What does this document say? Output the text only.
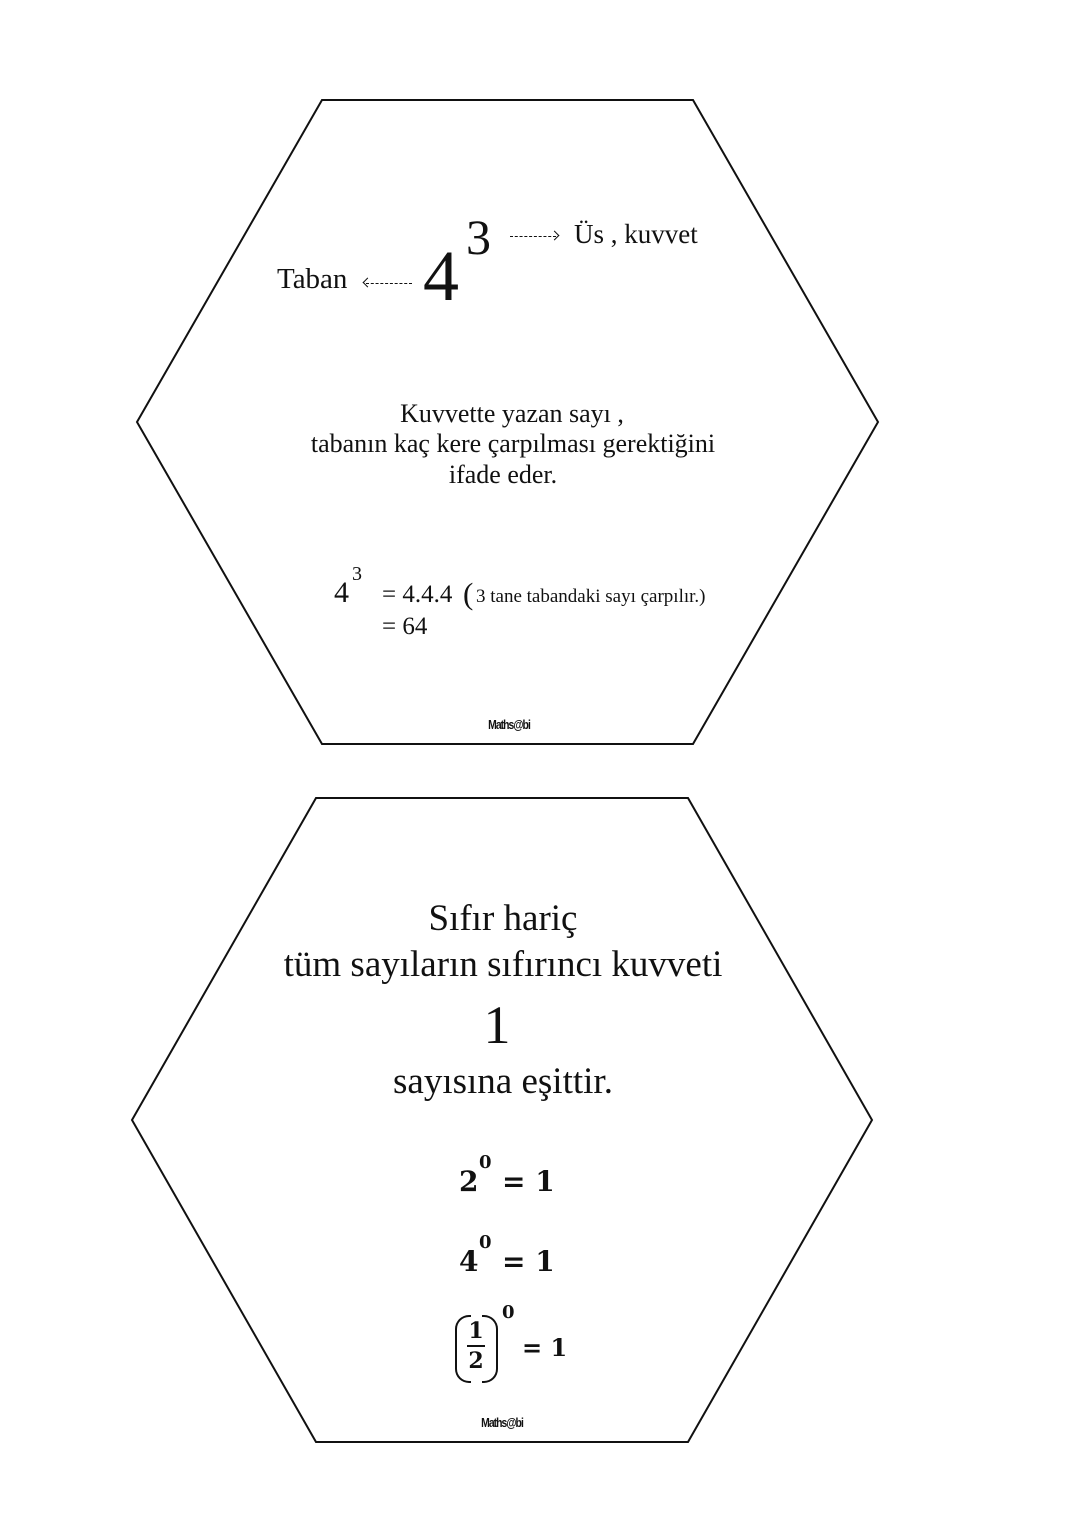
Taban 4 3	Üs , kuvvet
Kuvvette yazan sayı ,
tabanın kaç kere çarpılması gerektiğini
ifade eder.
4
3
= 4.4.4 ( 3 tane tabandaki sayı çarpılır.)
= 64
Maths@bi
Sıfır hariç
tüm sayıların sıfırıncı kuvveti
1
sayısına eşittir.
2
0
= 1
4
0
= 1
1
2
0
= 1
Maths@bi
